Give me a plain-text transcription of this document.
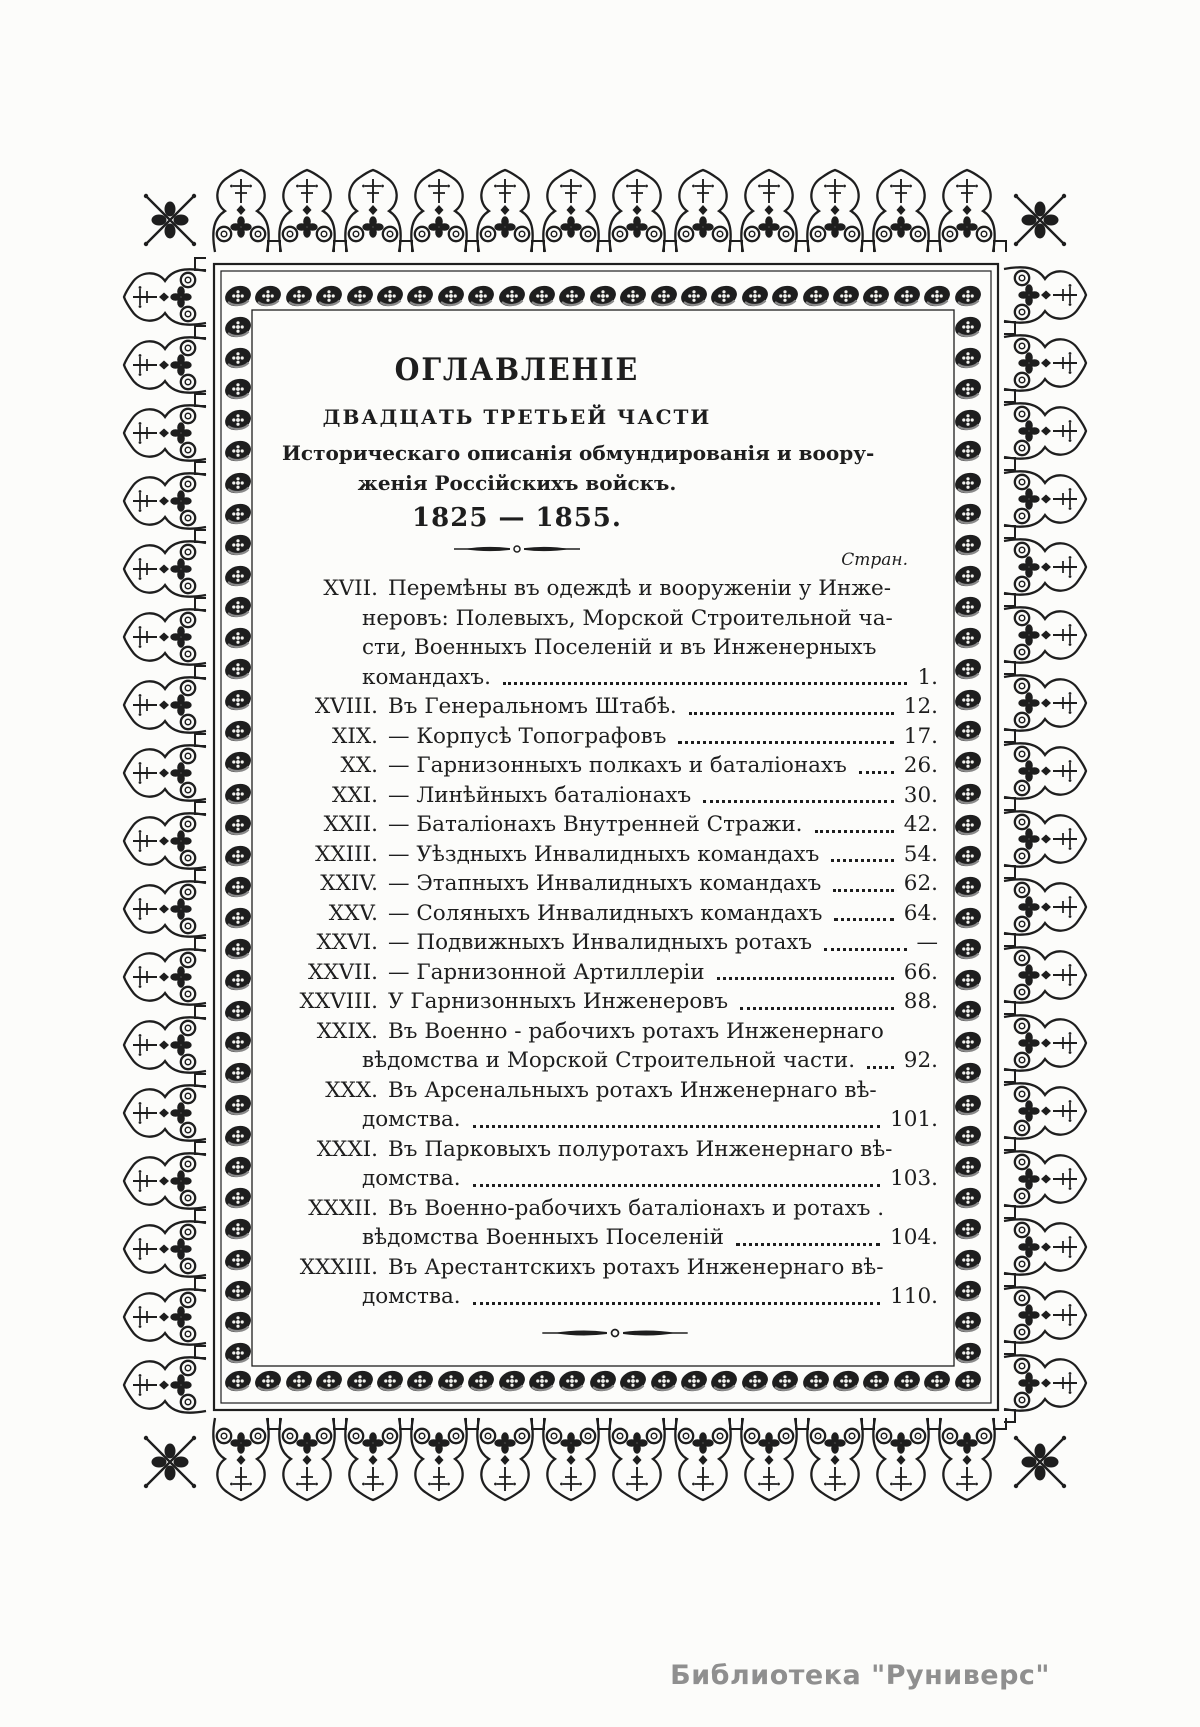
ОГЛАВЛЕНІЕ
ДВАДЦАТЬ ТРЕТЬЕЙ ЧАСТИ
Историческаго описанія обмундированія и воору-
женія Россійскихъ войскъ.
1825 — 1855.
Стран.
XVII. Перемѣны въ одеждѣ и вооруженіи у Инже-
неровъ: Полевыхъ, Морской Строительной ча-
сти, Военныхъ Поселеній и въ Инженерныхъ
командахъ.	1.
XVIII. Въ Генеральномъ Штабѣ.	12.
XIX. — Корпусѣ Топографовъ	17.
XX. — Гарнизонныхъ полкахъ и баталіонахъ	26.
XXI. — Линѣйныхъ баталіонахъ	30.
XXII. — Баталіонахъ Внутренней Стражи.	42.
XXIII. — Уѣздныхъ Инвалидныхъ командахъ	54.
XXIV. — Этапныхъ Инвалидныхъ командахъ	62.
XXV. — Соляныхъ Инвалидныхъ командахъ	64.
XXVI. — Подвижныхъ Инвалидныхъ ротахъ	—
XXVII. — Гарнизонной Артиллеріи	66.
XXVIII. У Гарнизонныхъ Инженеровъ	88.
XXIX. Въ Военно - рабочихъ ротахъ Инженернаго
вѣдомства и Морской Строительной части. 92.
XXX. Въ Арсенальныхъ ротахъ Инженернаго вѣ-
домства.	101.
XXXI. Въ Парковыхъ полуротахъ Инженернаго вѣ-
домства.	103.
XXXII. Въ Военно-рабочихъ баталіонахъ и ротахъ .
вѣдомства Военныхъ Поселеній	104.
XXXIII. Въ Арестантскихъ ротахъ Инженернаго вѣ-
домства.	110.
Библиотека "Руниверс"
